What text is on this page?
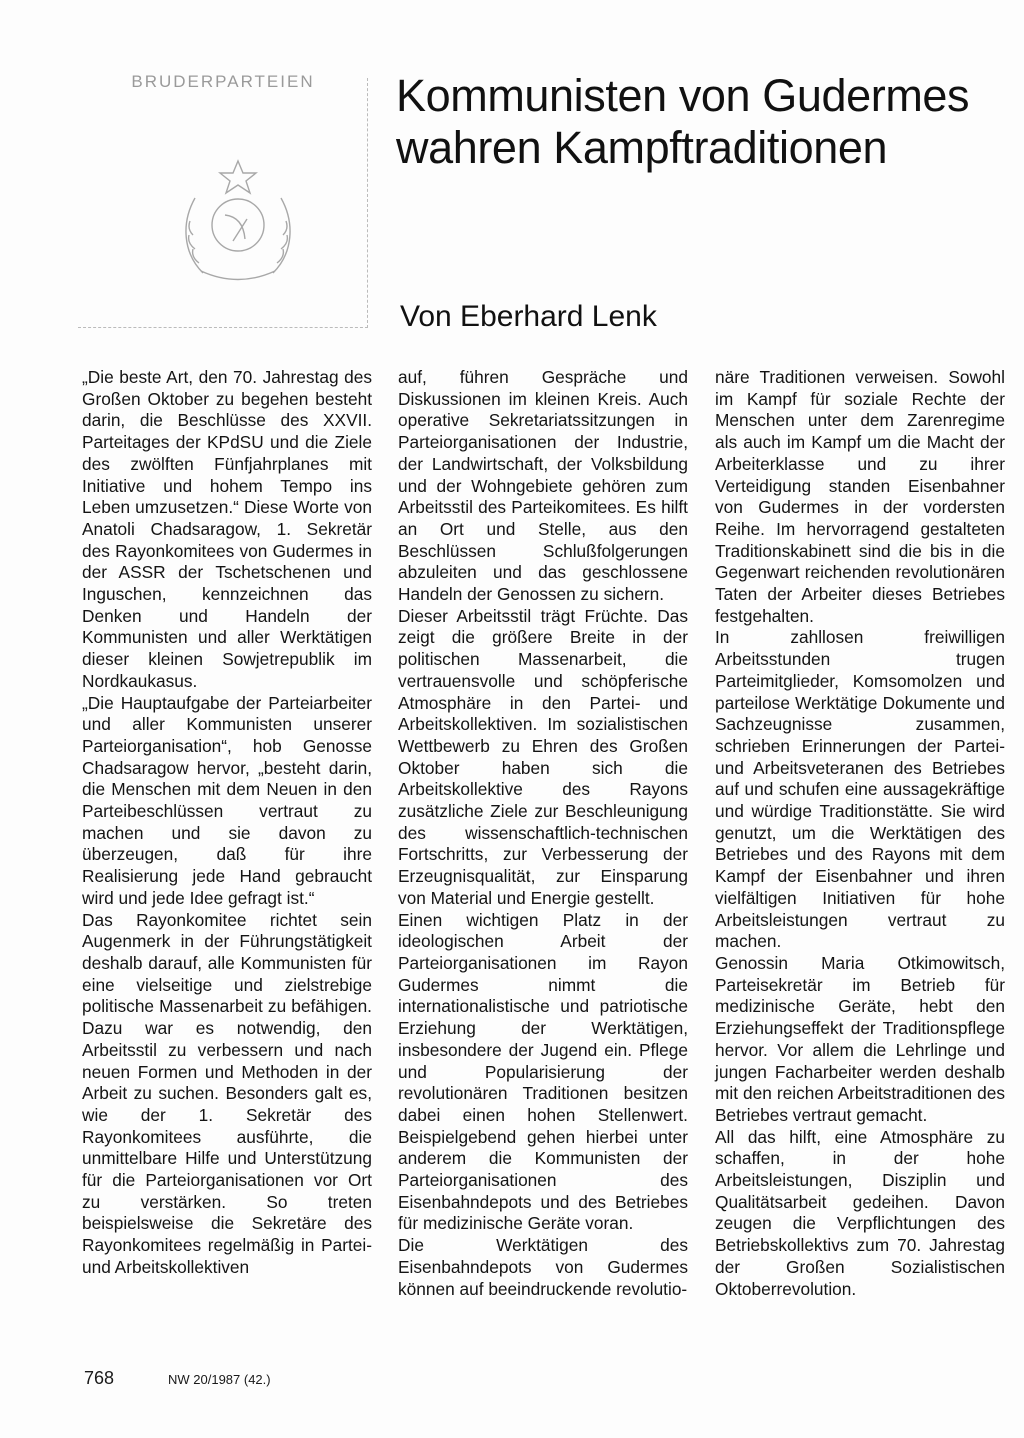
BRUDERPARTEIEN	Kommunisten von Gudermes
wahren Kampftraditionen

Von Eberhard Lenk

„Die beste Art, den 70. Jahrestag des Großen Oktober zu begehen besteht darin, die Beschlüsse des XXVII. Parteitages der KPdSU und die Ziele des zwölften Fünfjahrplanes mit Initiative und hohem Tempo ins Leben umzusetzen.“ Diese Worte von Anatoli Chadsaragow, 1. Sekretär des Rayonkomitees von Gudermes in der ASSR der Tschetschenen und Inguschen, kennzeichnen das Denken und Handeln der Kommunisten und aller Werktätigen dieser kleinen Sowjetrepublik im Nordkaukasus.

„Die Hauptaufgabe der Parteiarbeiter und aller Kommunisten unserer Parteiorganisation“, hob Genosse Chadsaragow hervor, „besteht darin, die Menschen mit dem Neuen in den Parteibeschlüssen vertraut zu machen und sie davon zu überzeugen, daß für ihre Realisierung jede Hand gebraucht wird und jede Idee gefragt ist.“

Das Rayonkomitee richtet sein Augenmerk in der Führungstätigkeit deshalb darauf, alle Kommunisten für eine vielseitige und zielstrebige politische Massenarbeit zu befähigen. Dazu war es notwendig, den Arbeitsstil zu verbessern und nach neuen Formen und Methoden in der Arbeit zu suchen. Besonders galt es, wie der 1. Sekretär des Rayonkomitees ausführte, die unmittelbare Hilfe und Unterstützung für die Parteiorganisationen vor Ort zu verstärken. So treten beispielsweise die Sekretäre des Rayonkomitees regelmäßig in Partei- und Arbeitskollektiven

auf, führen Gespräche und Diskussionen im kleinen Kreis. Auch operative Sekretariatssitzungen in Parteiorganisationen der Industrie, der Landwirtschaft, der Volksbildung und der Wohngebiete gehören zum Arbeitsstil des Parteikomitees. Es hilft an Ort und Stelle, aus den Beschlüssen Schlußfolgerungen abzuleiten und das geschlossene Handeln der Genossen zu sichern.

Dieser Arbeitsstil trägt Früchte. Das zeigt die größere Breite in der politischen Massenarbeit, die vertrauensvolle und schöpferische Atmosphäre in den Partei- und Arbeitskollektiven. Im sozialistischen Wettbewerb zu Ehren des Großen Oktober haben sich die Arbeitskollektive des Rayons zusätzliche Ziele zur Beschleunigung des wissenschaftlich-technischen Fortschritts, zur Verbesserung der Erzeugnisqualität, zur Einsparung von Material und Energie gestellt.

Einen wichtigen Platz in der ideologischen Arbeit der Parteiorganisationen im Rayon Gudermes nimmt die internationalistische und patriotische Erziehung der Werktätigen, insbesondere der Jugend ein. Pflege und Popularisierung der revolutionären Traditionen besitzen dabei einen hohen Stellenwert. Beispielgebend gehen hierbei unter anderem die Kommunisten der Parteiorganisationen des Eisenbahndepots und des Betriebes für medizinische Geräte voran.

Die Werktätigen des Eisenbahndepots von Gudermes können auf beeindruckende revolutio-

näre Traditionen verweisen. Sowohl im Kampf für soziale Rechte der Menschen unter dem Zarenregime als auch im Kampf um die Macht der Arbeiterklasse und zu ihrer Verteidigung standen Eisenbahner von Gudermes in der vordersten Reihe. Im hervorragend gestalteten Traditionskabinett sind die bis in die Gegenwart reichenden revolutionären Taten der Arbeiter dieses Betriebes festgehalten.

In zahllosen freiwilligen Arbeitsstunden trugen Parteimitglieder, Komsomolzen und parteilose Werktätige Dokumente und Sachzeugnisse zusammen, schrieben Erinnerungen der Partei- und Arbeitsveteranen des Betriebes auf und schufen eine aussagekräftige und würdige Traditionstätte. Sie wird genutzt, um die Werktätigen des Betriebes und des Rayons mit dem Kampf der Eisenbahner und ihren vielfältigen Initiativen für hohe Arbeitsleistungen vertraut zu machen.

Genossin Maria Otkimowitsch, Parteisekretär im Betrieb für medizinische Geräte, hebt den Erziehungseffekt der Traditionspflege hervor. Vor allem die Lehrlinge und jungen Facharbeiter werden deshalb mit den reichen Arbeitstraditionen des Betriebes vertraut gemacht.

All das hilft, eine Atmosphäre zu schaffen, in der hohe Arbeitsleistungen, Disziplin und Qualitätsarbeit gedeihen. Davon zeugen die Verpflichtungen des Betriebskollektivs zum 70. Jahrestag der Großen Sozialistischen Oktoberrevolution.

768	NW 20/1987 (42.)
